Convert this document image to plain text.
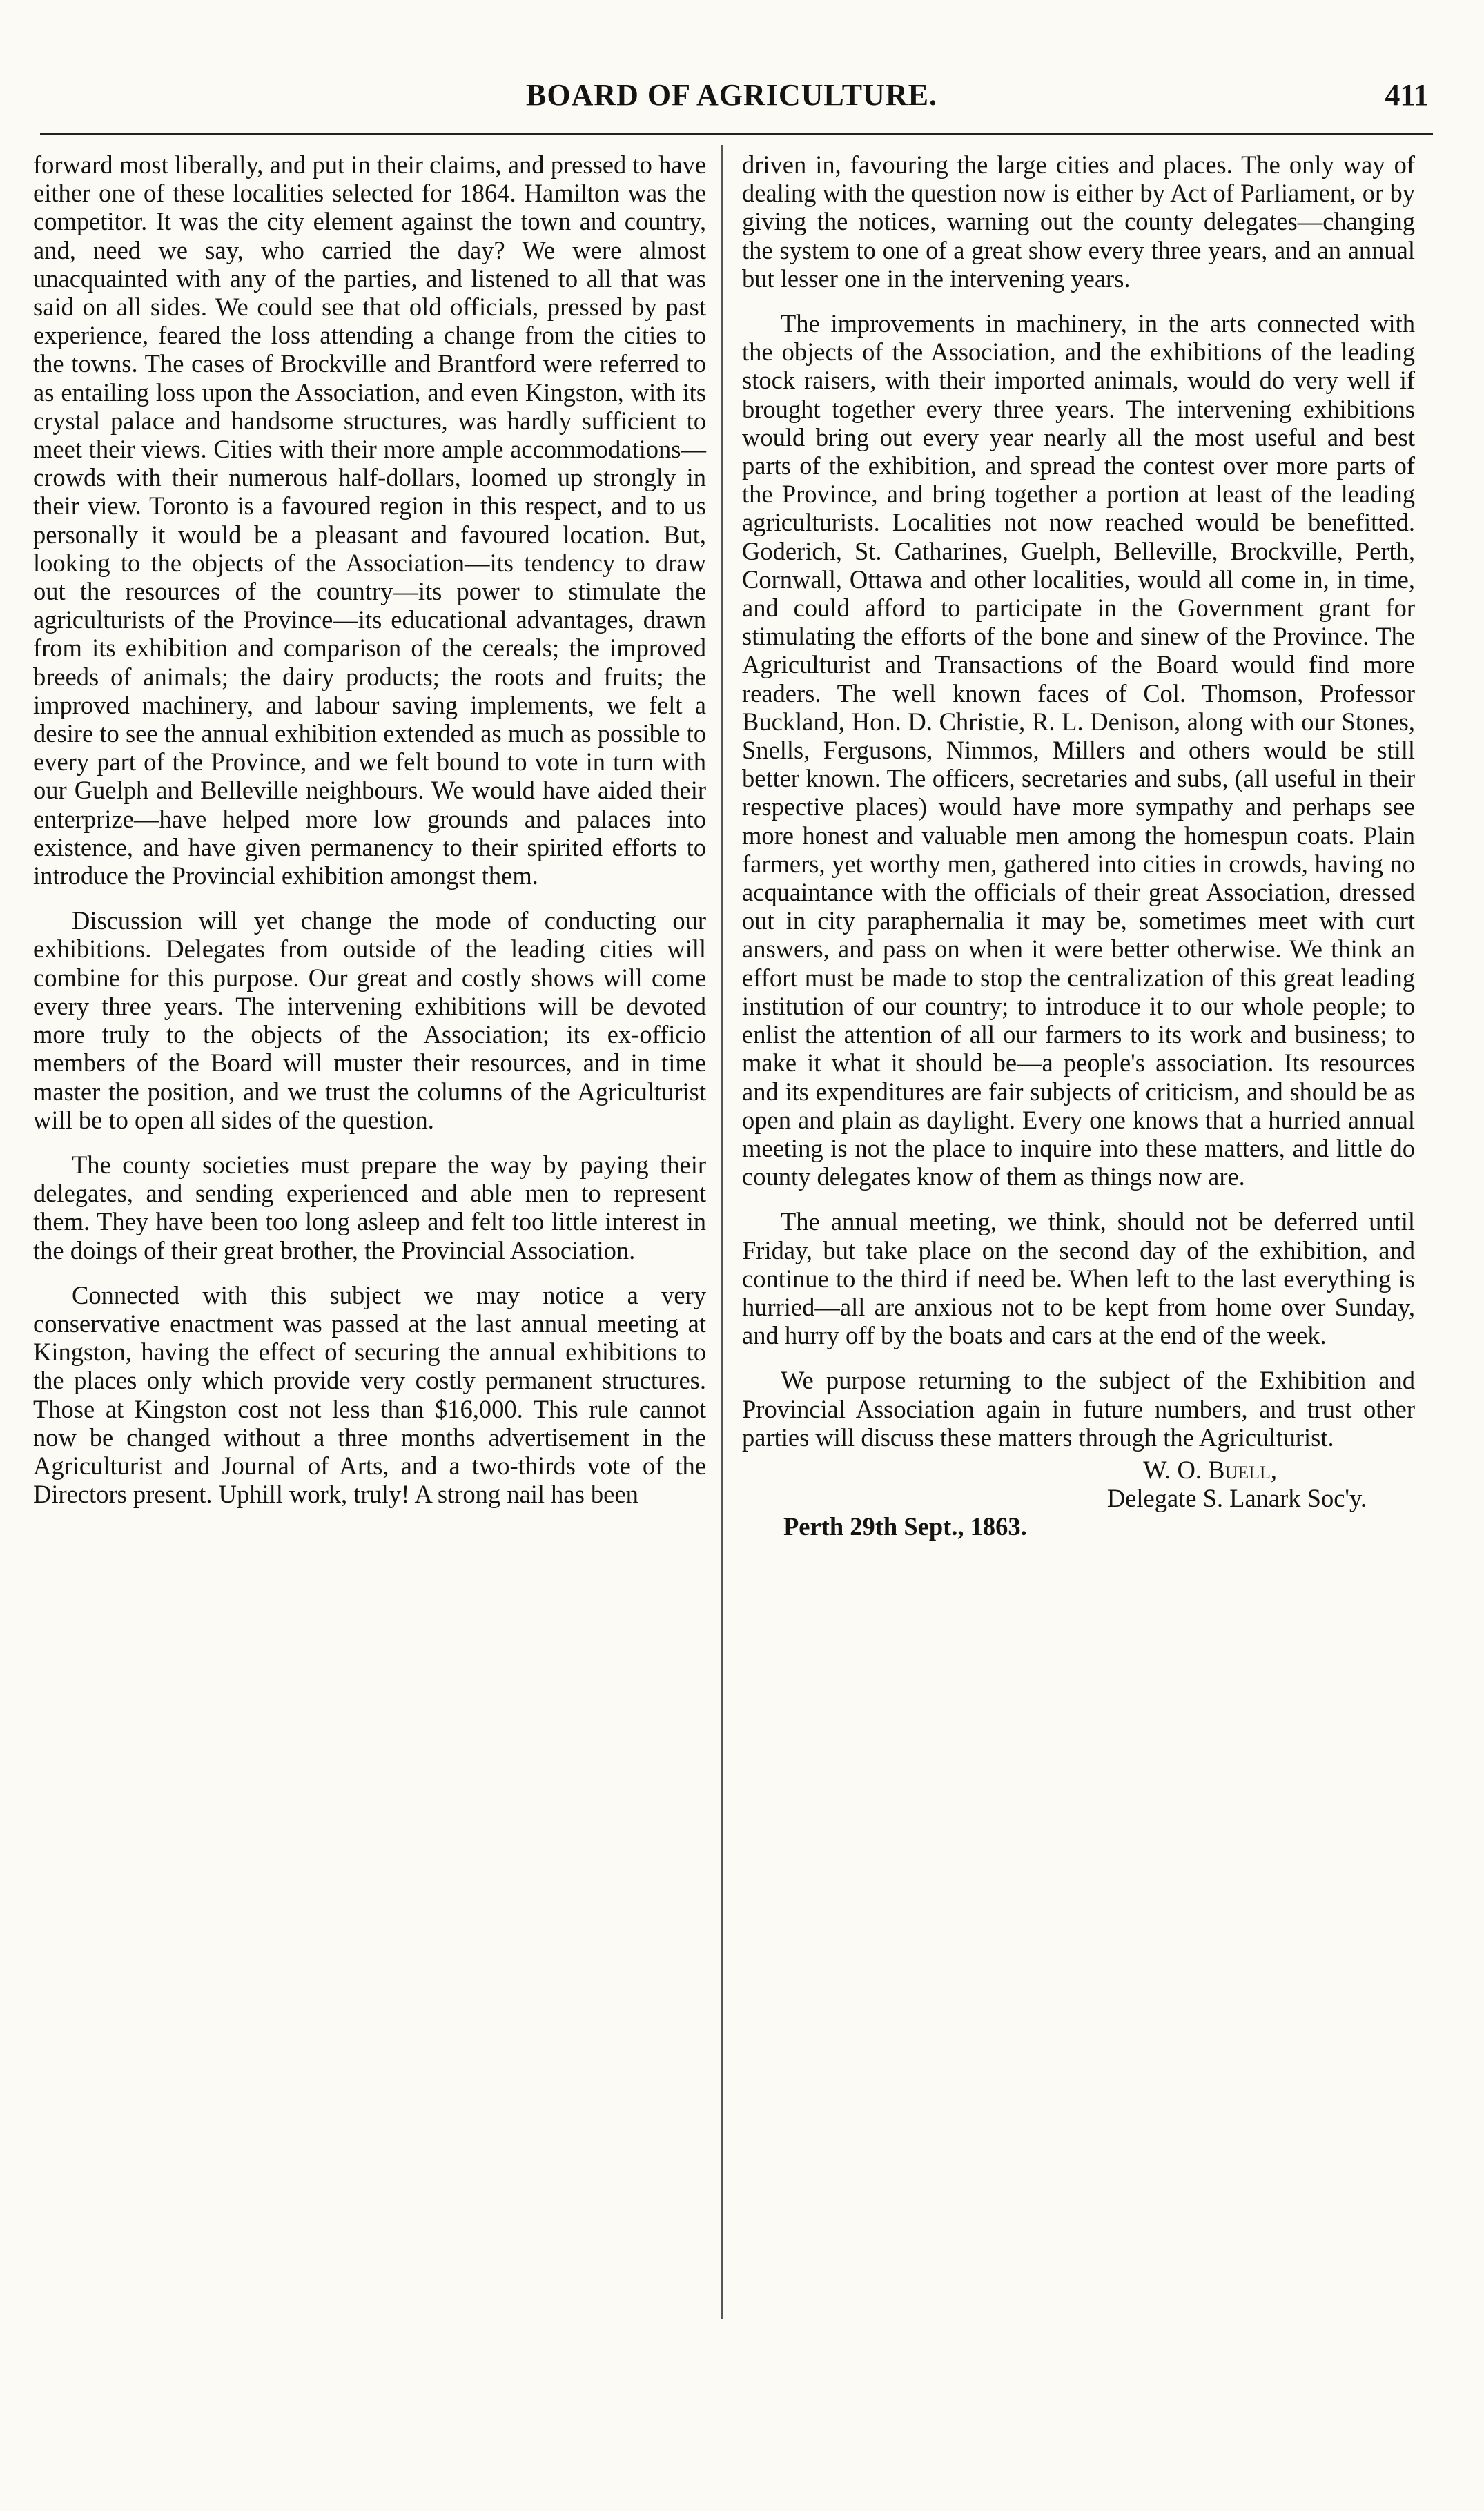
BOARD OF AGRICULTURE.	411

forward most liberally, and put in their claims, and pressed to have either one of these localities selected for 1864. Hamilton was the competitor. It was the city element against the town and country, and, need we say, who carried the day? We were almost unacquainted with any of the parties, and listened to all that was said on all sides. We could see that old officials, pressed by past experience, feared the loss attending a change from the cities to the towns. The cases of Brockville and Brantford were referred to as entailing loss upon the Association, and even Kingston, with its crystal palace and handsome structures, was hardly sufficient to meet their views. Cities with their more ample accommodations—crowds with their numerous half-dollars, loomed up strongly in their view. Toronto is a favoured region in this respect, and to us personally it would be a pleasant and favoured location. But, looking to the objects of the Association—its tendency to draw out the resources of the country—its power to stimulate the agriculturists of the Province—its educational advantages, drawn from its exhibition and comparison of the cereals; the improved breeds of animals; the dairy products; the roots and fruits; the improved machinery, and labour saving implements, we felt a desire to see the annual exhibition extended as much as possible to every part of the Province, and we felt bound to vote in turn with our Guelph and Belleville neighbours. We would have aided their enterprize—have helped more low grounds and palaces into existence, and have given permanency to their spirited efforts to introduce the Provincial exhibition amongst them.

Discussion will yet change the mode of conducting our exhibitions. Delegates from outside of the leading cities will combine for this purpose. Our great and costly shows will come every three years. The intervening exhibitions will be devoted more truly to the objects of the Association; its ex-officio members of the Board will muster their resources, and in time master the position, and we trust the columns of the Agriculturist will be to open all sides of the question.

The county societies must prepare the way by paying their delegates, and sending experienced and able men to represent them. They have been too long asleep and felt too little interest in the doings of their great brother, the Provincial Association.

Connected with this subject we may notice a very conservative enactment was passed at the last annual meeting at Kingston, having the effect of securing the annual exhibitions to the places only which provide very costly permanent structures. Those at Kingston cost not less than $16,000. This rule cannot now be changed without a three months advertisement in the Agriculturist and Journal of Arts, and a two-thirds vote of the Directors present. Uphill work, truly! A strong nail has been

driven in, favouring the large cities and places. The only way of dealing with the question now is either by Act of Parliament, or by giving the notices, warning out the county delegates—changing the system to one of a great show every three years, and an annual but lesser one in the intervening years.

The improvements in machinery, in the arts connected with the objects of the Association, and the exhibitions of the leading stock raisers, with their imported animals, would do very well if brought together every three years. The intervening exhibitions would bring out every year nearly all the most useful and best parts of the exhibition, and spread the contest over more parts of the Province, and bring together a portion at least of the leading agriculturists. Localities not now reached would be benefitted. Goderich, St. Catharines, Guelph, Belleville, Brockville, Perth, Cornwall, Ottawa and other localities, would all come in, in time, and could afford to participate in the Government grant for stimulating the efforts of the bone and sinew of the Province. The Agriculturist and Transactions of the Board would find more readers. The well known faces of Col. Thomson, Professor Buckland, Hon. D. Christie, R. L. Denison, along with our Stones, Snells, Fergusons, Nimmos, Millers and others would be still better known. The officers, secretaries and subs, (all useful in their respective places) would have more sympathy and perhaps see more honest and valuable men among the homespun coats. Plain farmers, yet worthy men, gathered into cities in crowds, having no acquaintance with the officials of their great Association, dressed out in city paraphernalia it may be, sometimes meet with curt answers, and pass on when it were better otherwise. We think an effort must be made to stop the centralization of this great leading institution of our country; to introduce it to our whole people; to enlist the attention of all our farmers to its work and business; to make it what it should be—a people's association. Its resources and its expenditures are fair subjects of criticism, and should be as open and plain as daylight. Every one knows that a hurried annual meeting is not the place to inquire into these matters, and little do county delegates know of them as things now are.

The annual meeting, we think, should not be deferred until Friday, but take place on the second day of the exhibition, and continue to the third if need be. When left to the last everything is hurried—all are anxious not to be kept from home over Sunday, and hurry off by the boats and cars at the end of the week.

We purpose returning to the subject of the Exhibition and Provincial Association again in future numbers, and trust other parties will discuss these matters through the Agriculturist.

W. O. Buell,
Delegate S. Lanark Soc'y.
Perth 29th Sept., 1863.
